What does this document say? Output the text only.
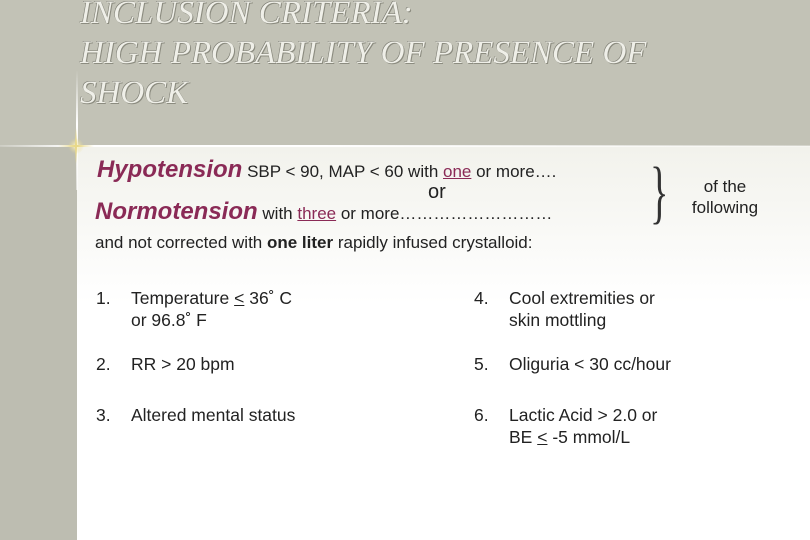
INCLUSION CRITERIA:
HIGH PROBABILITY OF PRESENCE OF
SHOCK
Hypotension SBP < 90, MAP < 60 with one or more….
or
Normotension with three or more……………………… }	of the
following
and not corrected with one liter rapidly infused crystalloid:
1. Temperature < 36˚ C
or 96.8˚ F
2. RR > 20 bpm
3. Altered mental status
4. Cool extremities or
skin mottling
5. Oliguria < 30 cc/hour
6. Lactic Acid > 2.0 or
BE < -5 mmol/L
